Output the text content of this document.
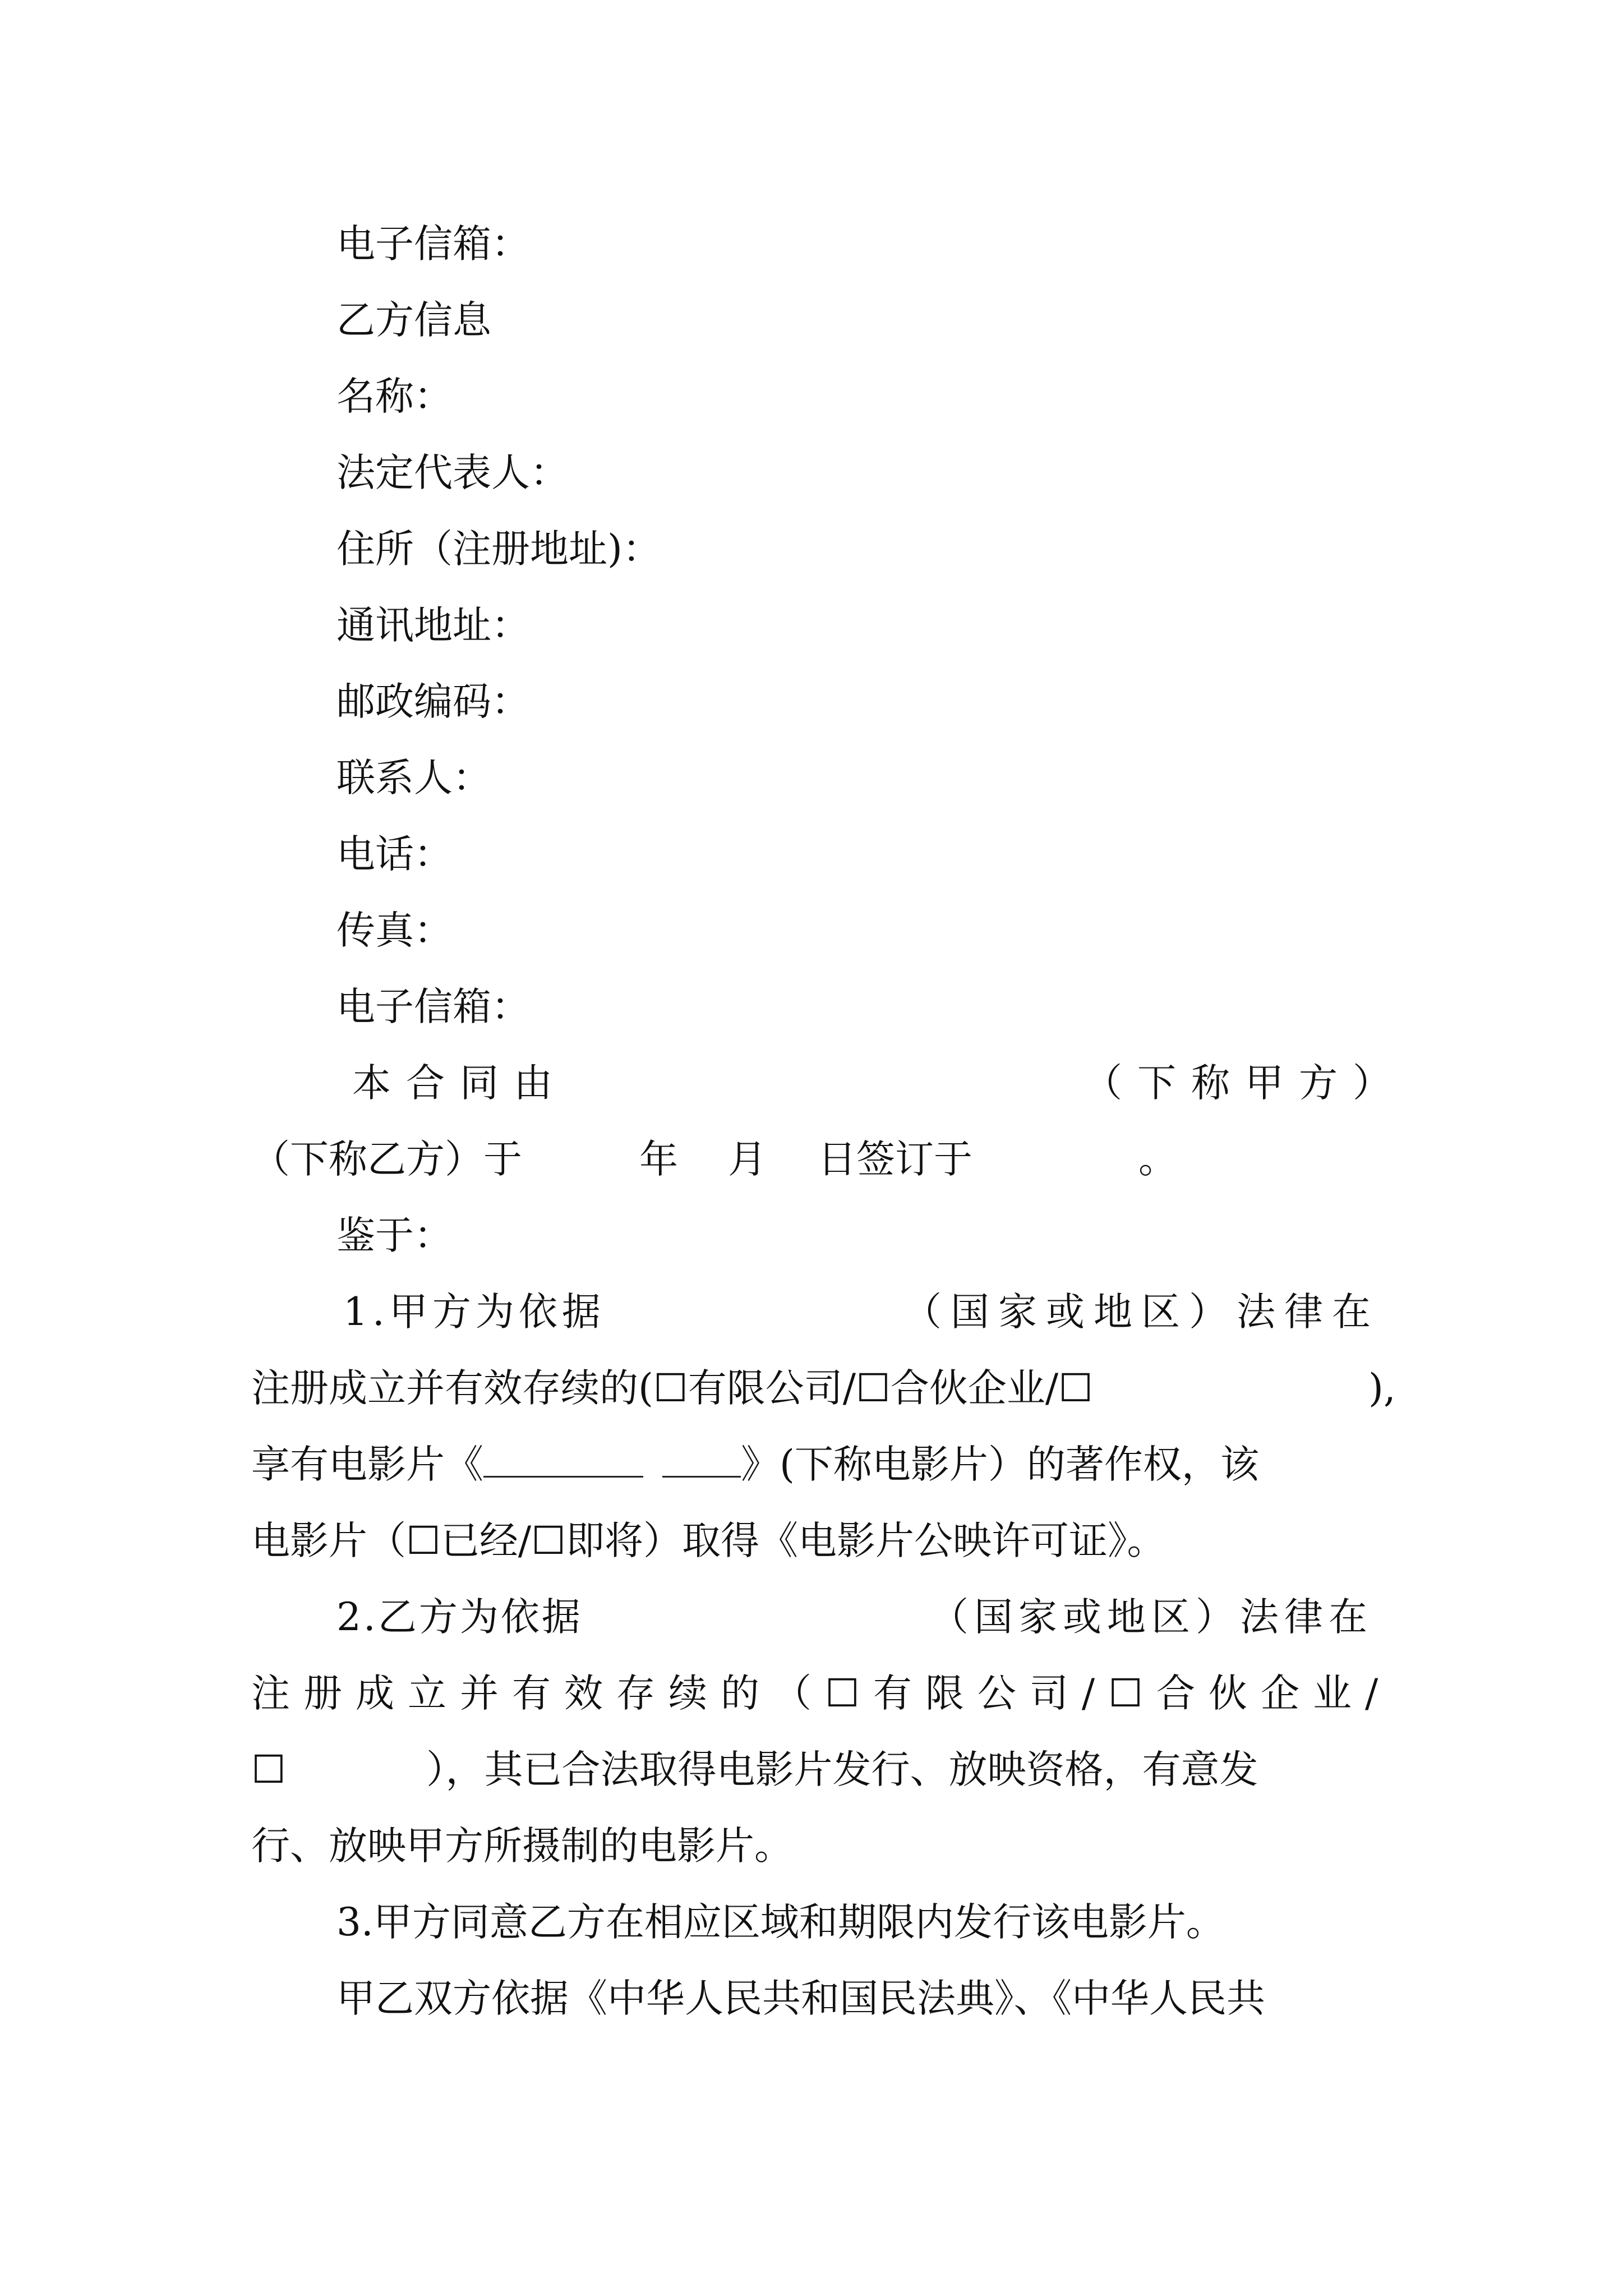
电子信箱：

乙方信息

名称：

法定代表人：

住所（注册地址)：

通讯地址：

邮政编码：

联系人：

电话：

传真：

电子信箱：

本合同由	（下称甲方）

（下称乙方）于	年 月 日签订于	。

鉴于：

1.甲方为依据	（国家或地区）法律在

注册成立并有效存续的(☐有限公司/☐合伙企业/☐	),

享有电影片《	》(下称电影片）的著作权，该

电影片（☐已经/☐即将）取得《电影片公映许可证》。

2.乙方为依据	（国家或地区）法律在

注册成立并有效存续的（☐有限公司/☐合伙企业/

☐	），其已合法取得电影片发行、放映资格，有意发

行、放映甲方所摄制的电影片。

3.甲方同意乙方在相应区域和期限内发行该电影片。

甲乙双方依据《中华人民共和国民法典》、《中华人民共
